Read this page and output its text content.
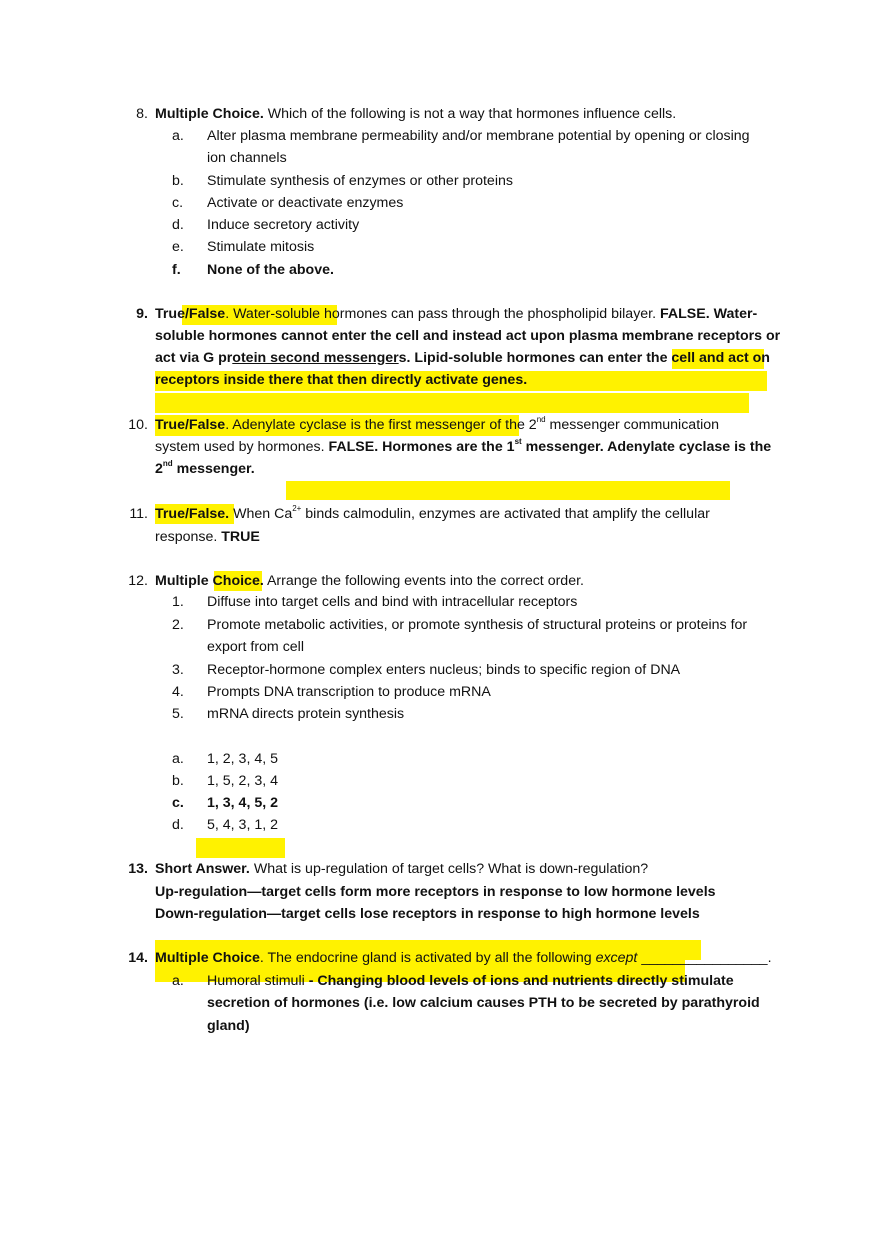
8. Multiple Choice. Which of the following is not a way that hormones influence cells.
a.	Alter plasma membrane permeability and/or membrane potential by opening or closing
ion channels
b.	Stimulate synthesis of enzymes or other proteins
c.	Activate or deactivate enzymes
d.	Induce secretory activity
e.	Stimulate mitosis
f.	None of the above.
9. True/False. Water-soluble hormones can pass through the phospholipid bilayer. FALSE. Water-
soluble hormones cannot enter the cell and instead act upon plasma membrane receptors or
act via G protein second messengers. Lipid-soluble hormones can enter the cell and act on
receptors inside there that then directly activate genes.
10. True/False. Adenylate cyclase is the first messenger of the 2nd messenger communication
system used by hormones. FALSE. Hormones are the 1st messenger. Adenylate cyclase is the
2nd messenger.
11. True/False. When $Ca^{2+}$ binds calmodulin, enzymes are activated that amplify the cellular
response. TRUE
12. Multiple Choice. Arrange the following events into the correct order.
1.	Diffuse into target cells and bind with intracellular receptors
2.	Promote metabolic activities, or promote synthesis of structural proteins or proteins for
export from cell
3.	Receptor-hormone complex enters nucleus; binds to specific region of DNA
4.	Prompts DNA transcription to produce mRNA
5.	mRNA directs protein synthesis
a.	1, 2, 3, 4, 5
b.	1, 5, 2, 3, 4
c.	1, 3, 4, 5, 2
d.	5, 4, 3, 1, 2
13. Short Answer. What is up-regulation of target cells? What is down-regulation?
Up-regulation—target cells form more receptors in response to low hormone levels
Down-regulation—target cells lose receptors in response to high hormone levels
14. Multiple Choice. The endocrine gland is activated by all the following except ________________.
a.	Humoral stimuli - Changing blood levels of ions and nutrients directly stimulate
secretion of hormones (i.e. low calcium causes PTH to be secreted by parathyroid
gland)
